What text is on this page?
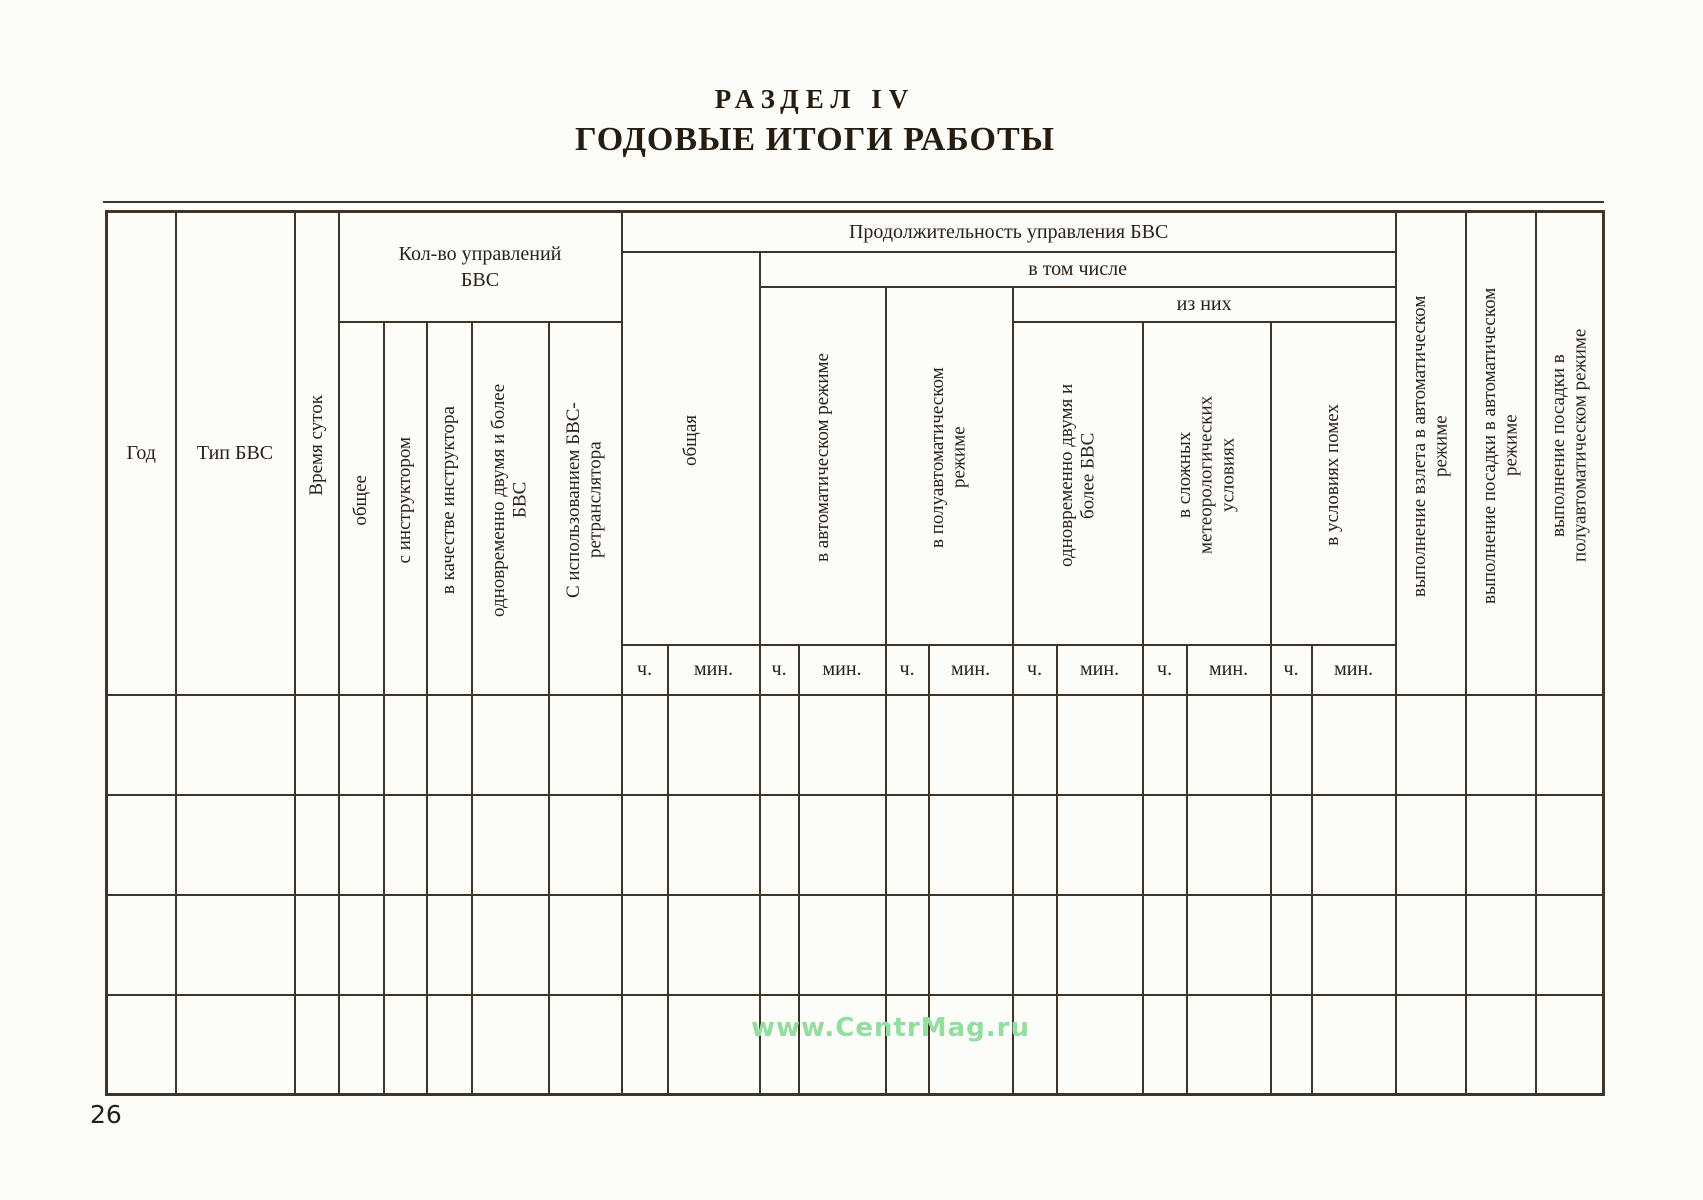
РАЗДЕЛ IV
ГОДОВЫЕ ИТОГИ РАБОТЫ
Год	Тип БВС	Время суток	Кол-во управлений БВС					Продолжительность управления БВС												выполнение взлета в автоматическом режиме	выполнение посадки в автоматическом режиме	выполнение посадки в полуавтоматическом режиме
								общая		в том числе												
										в автоматическом режиме		в полуавтоматическом режиме		из них								
			общее	с инструктором	в качестве инструктора	одновременно двумя и более БВС	С использованием БВС-ретранслятора							одновременно двумя и более БВС		в сложных метеорологических условиях		в условиях помех				
								ч.	мин.	ч.	мин.	ч.	мин.	ч.	мин.	ч.	мин.	ч.	мин.			

www.CentrMag.ru
26
